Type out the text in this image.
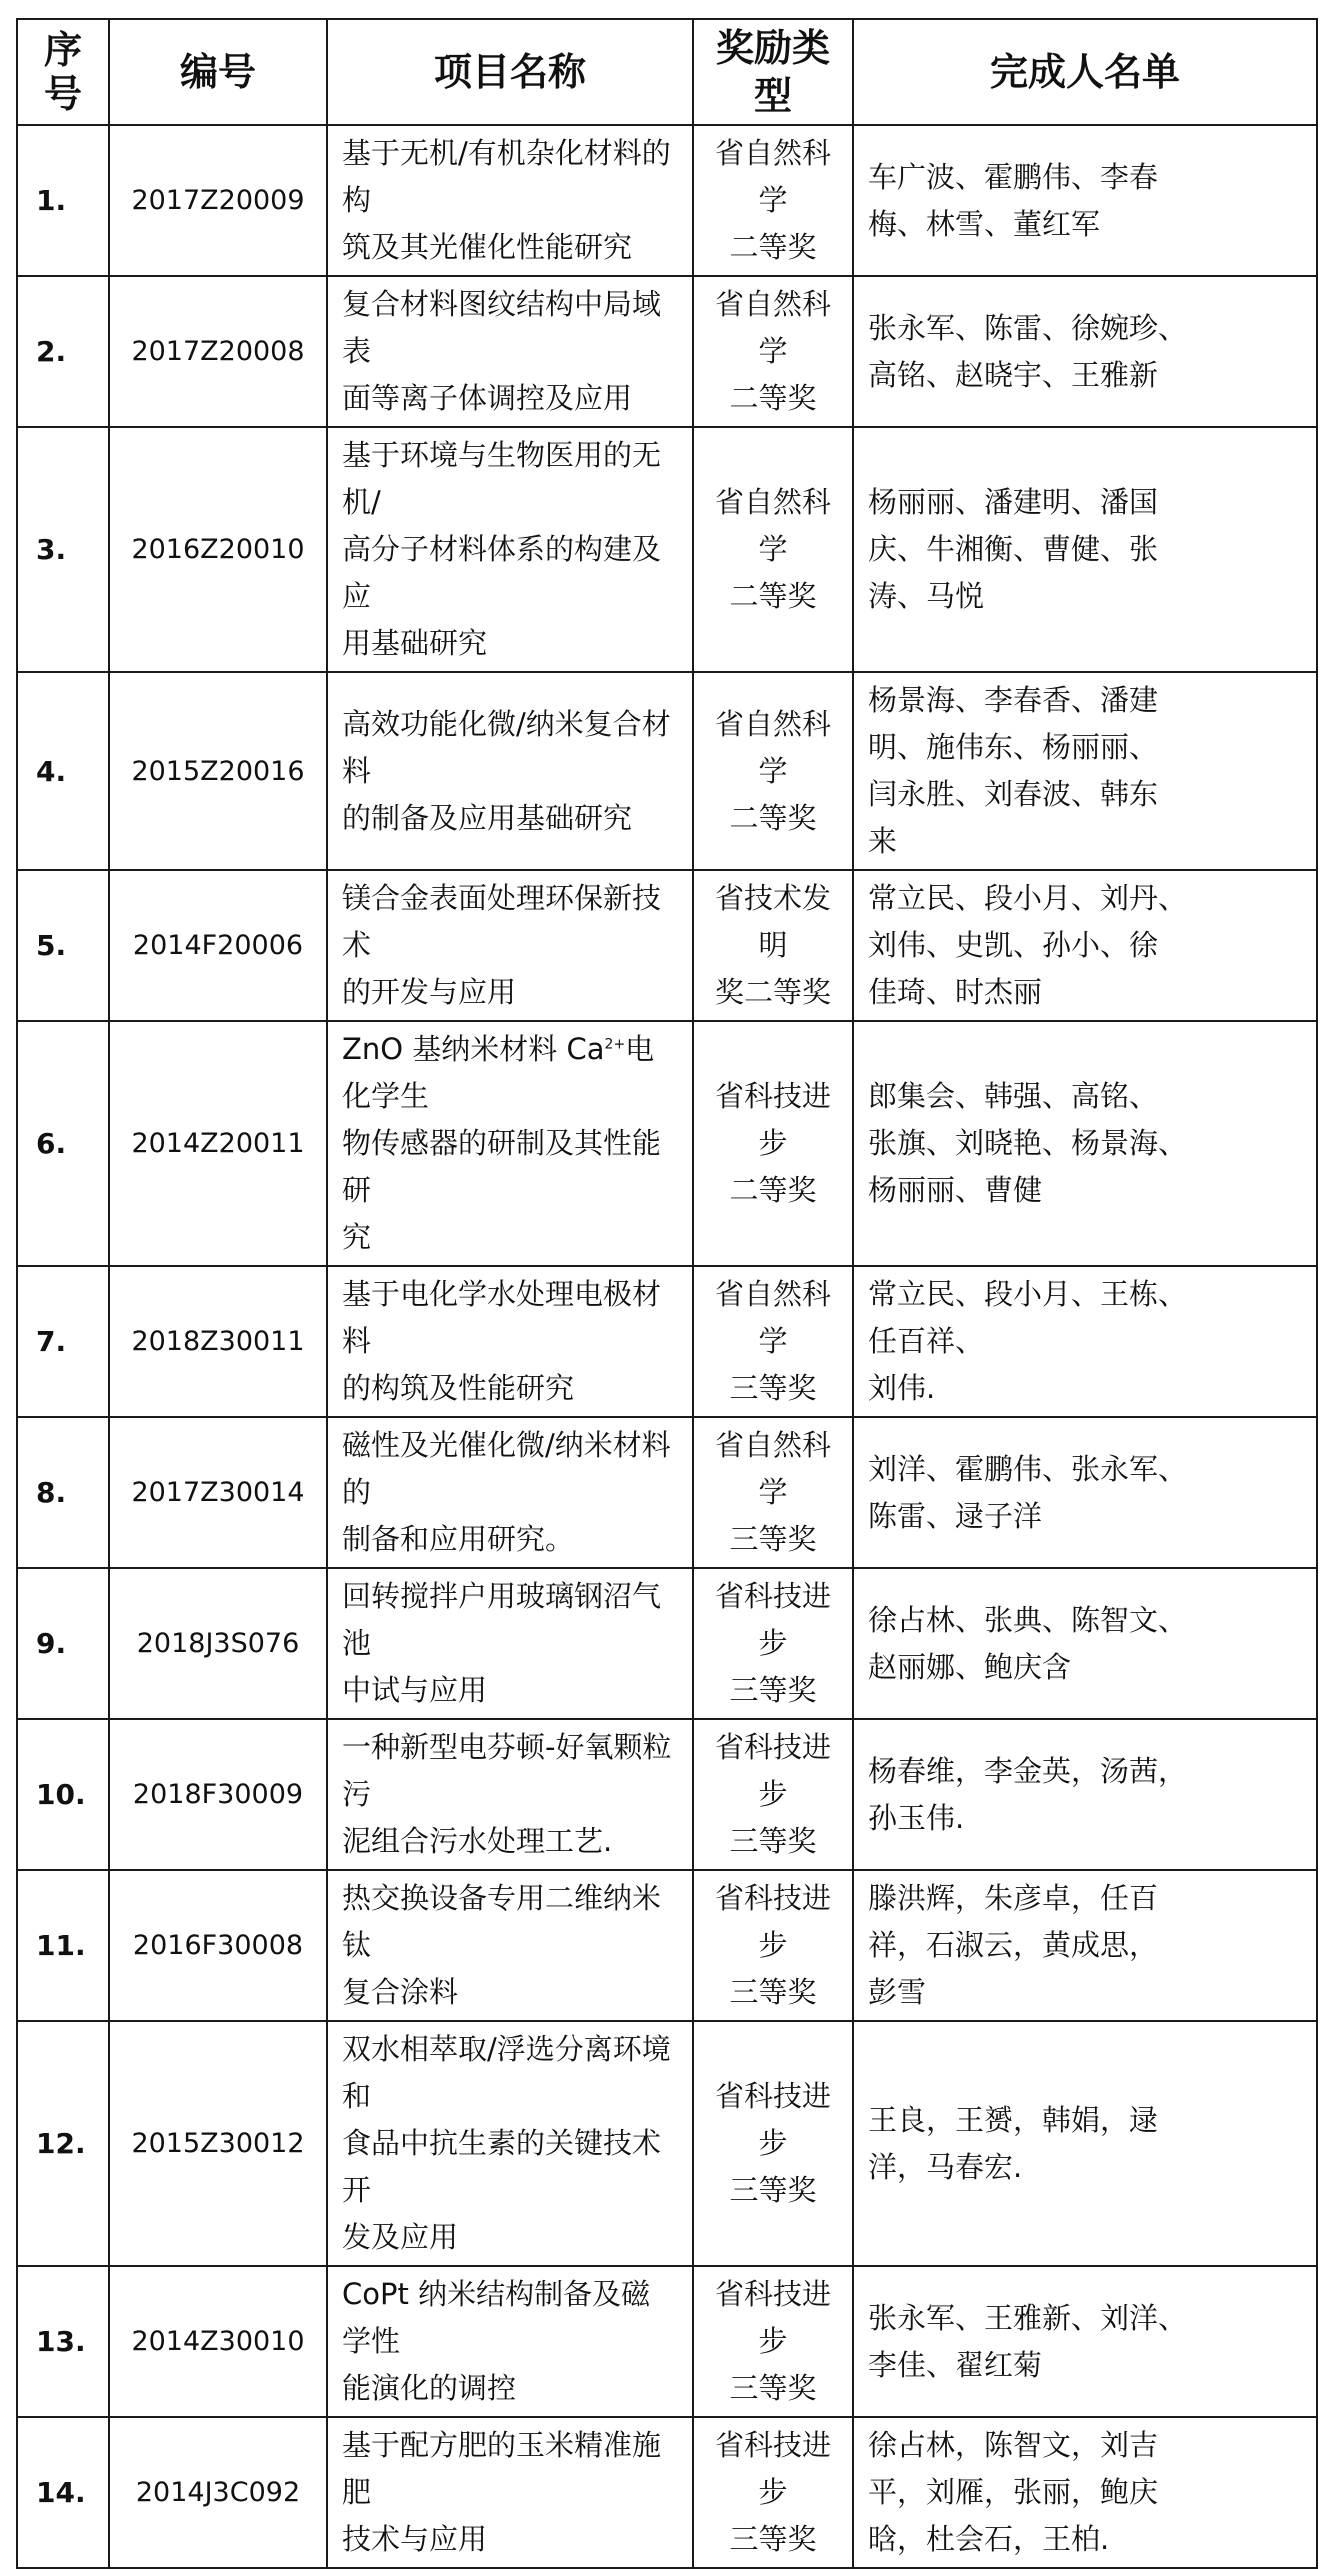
序
号	编号	项目名称	奖励类型	完成人名单
1.	2017Z20009	基于无机/有机杂化材料的构
筑及其光催化性能研究	省自然科学
二等奖	车广波、霍鹏伟、李春
梅、林雪、董红军
2.	2017Z20008	复合材料图纹结构中局域表
面等离子体调控及应用	省自然科学
二等奖	张永军、陈雷、徐婉珍、
高铭、赵晓宇、王雅新
3.	2016Z20010	基于环境与生物医用的无机/
高分子材料体系的构建及应
用基础研究	省自然科学
二等奖	杨丽丽、潘建明、潘国
庆、牛湘衡、曹健、张
涛、马悦
4.	2015Z20016	高效功能化微/纳米复合材料
的制备及应用基础研究	省自然科学
二等奖	杨景海、李春香、潘建
明、施伟东、杨丽丽、
闫永胜、刘春波、韩东
来
5.	2014F20006	镁合金表面处理环保新技术
的开发与应用	省技术发明
奖二等奖	常立民、段小月、刘丹、
刘伟、史凯、孙小、徐
佳琦、时杰丽
6.	2014Z20011	ZnO 基纳米材料 $Ca^{2+}$电化学生
物传感器的研制及其性能研
究	省科技进步
二等奖	郎集会、韩强、高铭、
张旗、刘晓艳、杨景海、
杨丽丽、曹健
7.	2018Z30011	基于电化学水处理电极材料
的构筑及性能研究	省自然科学
三等奖	常立民、段小月、王栋、
任百祥、
刘伟.
8.	2017Z30014	磁性及光催化微/纳米材料的
制备和应用研究。	省自然科学
三等奖	刘洋、霍鹏伟、张永军、
陈雷、逯子洋
9.	2018J3S076	回转搅拌户用玻璃钢沼气池
中试与应用	省科技进步
三等奖	徐占林、张典、陈智文、
赵丽娜、鲍庆含
10.	2018F30009	一种新型电芬顿-好氧颗粒污
泥组合污水处理工艺.	省科技进步
三等奖	杨春维，李金英，汤茜，
孙玉伟.
11.	2016F30008	热交换设备专用二维纳米钛
复合涂料	省科技进步
三等奖	滕洪辉，朱彦卓，任百
祥，石淑云，黄成思，
彭雪
12.	2015Z30012	双水相萃取/浮选分离环境和
食品中抗生素的关键技术开
发及应用	省科技进步
三等奖	王良，王赟，韩娟，逯
洋，马春宏.
13.	2014Z30010	CoPt 纳米结构制备及磁学性
能演化的调控	省科技进步
三等奖	张永军、王雅新、刘洋、
李佳、翟红菊
14.	2014J3C092	基于配方肥的玉米精准施肥
技术与应用	省科技进步
三等奖	徐占林，陈智文，刘吉
平，刘雁，张丽，鲍庆
晗，杜会石，王柏.
